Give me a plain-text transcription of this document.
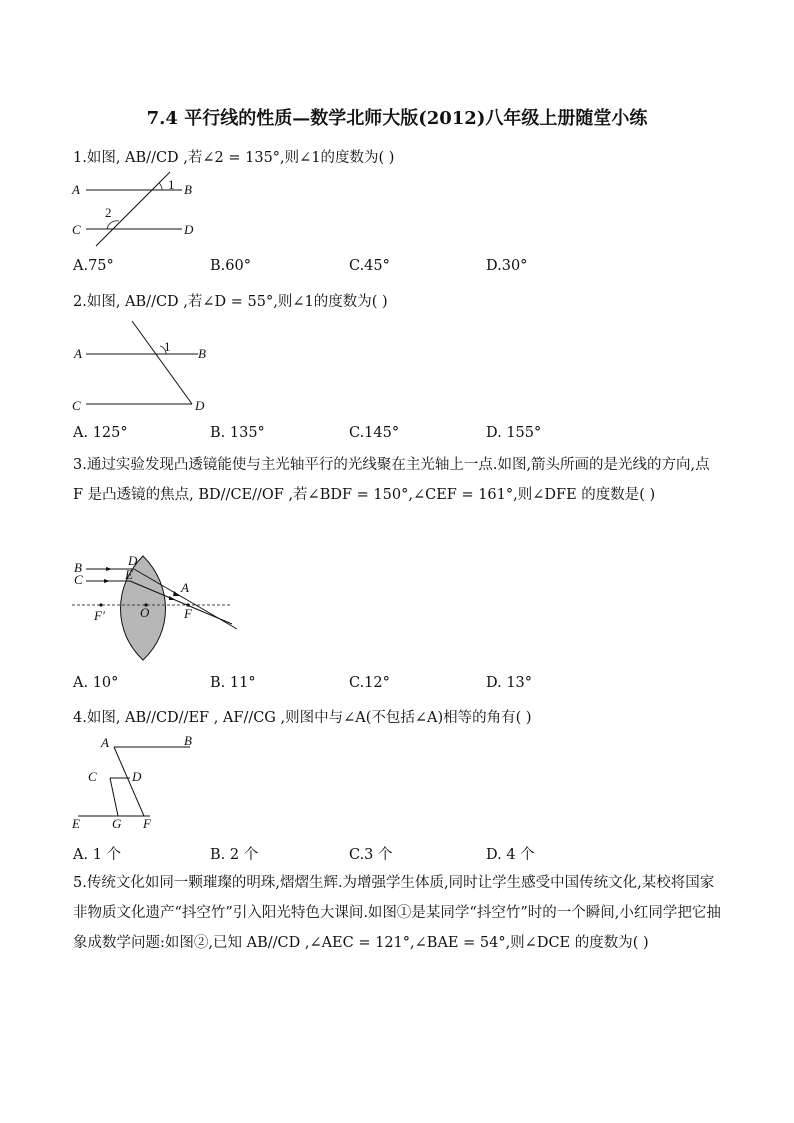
7.4 平行线的性质—数学北师大版(2012)八年级上册随堂小练
1.如图, AB//CD ,若∠2 = 135°,则∠1的度数为( )
A	B
C	D
1
2
A.75°	B.60°	C.45°	D.30°
2.如图, AB//CD ,若∠D = 55°,则∠1的度数为( )
A	B
C	D
1
A. 125°	B. 135°	C.145°	D. 155°
3.通过实验发现凸透镜能使与主光轴平行的光线聚在主光轴上一点.如图,箭头所画的是光线的方向,点 F 是凸透镜的焦点, BD//CE//OF ,若∠BDF = 150°,∠CEF = 161°,则∠DFE 的度数是( )
B
C
D
E
A
O	F
F'
A. 10°	B. 11°	C.12°	D. 13°
4.如图, AB//CD//EF , AF//CG ,则图中与∠A(不包括∠A)相等的角有( )
A	B
C	D
E G F
A. 1 个	B. 2 个	C.3 个	D. 4 个
5.传统文化如同一颗璀璨的明珠,熠熠生辉.为增强学生体质,同时让学生感受中国传统文化,某校将国家非物质文化遗产“抖空竹”引入阳光特色大课间.如图①是某同学“抖空竹”时的一个瞬间,小红同学把它抽象成数学问题:如图②,已知 AB//CD ,∠AEC = 121°,∠BAE = 54°,则∠DCE 的度数为( )
